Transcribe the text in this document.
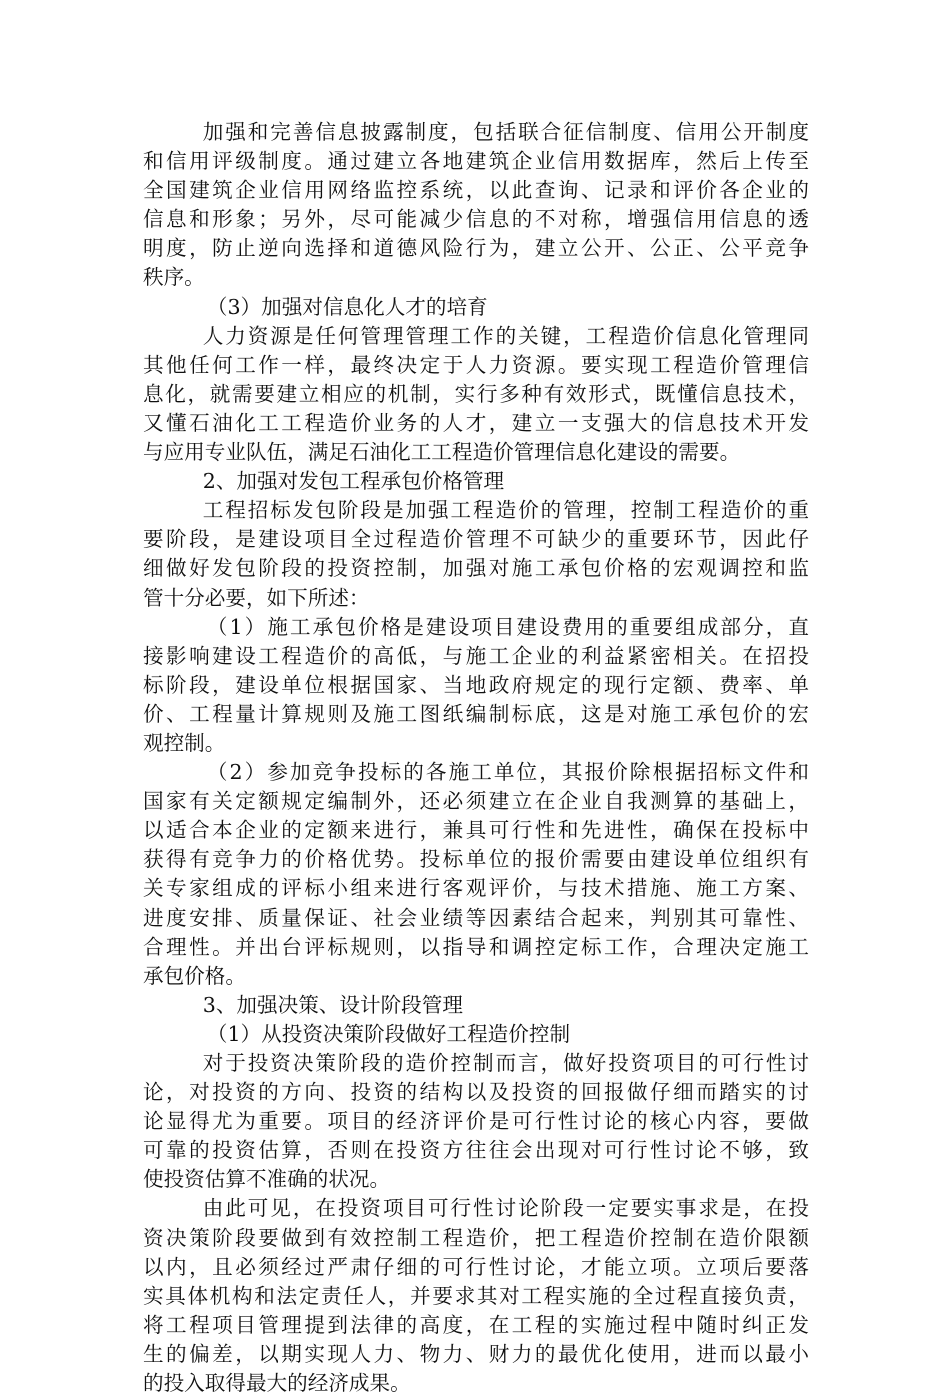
加强和完善信息披露制度，包括联合征信制度、信用公开制度
和信用评级制度。通过建立各地建筑企业信用数据库，然后上传至
全国建筑企业信用网络监控系统，以此查询、记录和评价各企业的
信息和形象；另外，尽可能减少信息的不对称，增强信用信息的透
明度，防止逆向选择和道德风险行为，建立公开、公正、公平竞争
秩序。
（3）加强对信息化人才的培育
人力资源是任何管理管理工作的关键，工程造价信息化管理同
其他任何工作一样，最终决定于人力资源。要实现工程造价管理信
息化，就需要建立相应的机制，实行多种有效形式，既懂信息技术，
又懂石油化工工程造价业务的人才，建立一支强大的信息技术开发
与应用专业队伍，满足石油化工工程造价管理信息化建设的需要。
2、加强对发包工程承包价格管理
工程招标发包阶段是加强工程造价的管理，控制工程造价的重
要阶段，是建设项目全过程造价管理不可缺少的重要环节，因此仔
细做好发包阶段的投资控制，加强对施工承包价格的宏观调控和监
管十分必要，如下所述：
（1）施工承包价格是建设项目建设费用的重要组成部分，直
接影响建设工程造价的高低，与施工企业的利益紧密相关。在招投
标阶段，建设单位根据国家、当地政府规定的现行定额、费率、单
价、工程量计算规则及施工图纸编制标底，这是对施工承包价的宏
观控制。
（2）参加竞争投标的各施工单位，其报价除根据招标文件和
国家有关定额规定编制外，还必须建立在企业自我测算的基础上，
以适合本企业的定额来进行，兼具可行性和先进性，确保在投标中
获得有竞争力的价格优势。投标单位的报价需要由建设单位组织有
关专家组成的评标小组来进行客观评价，与技术措施、施工方案、
进度安排、质量保证、社会业绩等因素结合起来，判别其可靠性、
合理性。并出台评标规则，以指导和调控定标工作，合理决定施工
承包价格。
3、加强决策、设计阶段管理
（1）从投资决策阶段做好工程造价控制
对于投资决策阶段的造价控制而言，做好投资项目的可行性讨
论，对投资的方向、投资的结构以及投资的回报做仔细而踏实的讨
论显得尤为重要。项目的经济评价是可行性讨论的核心内容，要做
可靠的投资估算，否则在投资方往往会出现对可行性讨论不够，致
使投资估算不准确的状况。
由此可见，在投资项目可行性讨论阶段一定要实事求是，在投
资决策阶段要做到有效控制工程造价，把工程造价控制在造价限额
以内，且必须经过严肃仔细的可行性讨论，才能立项。立项后要落
实具体机构和法定责任人，并要求其对工程实施的全过程直接负责，
将工程项目管理提到法律的高度，在工程的实施过程中随时纠正发
生的偏差，以期实现人力、物力、财力的最优化使用，进而以最小
的投入取得最大的经济成果。
